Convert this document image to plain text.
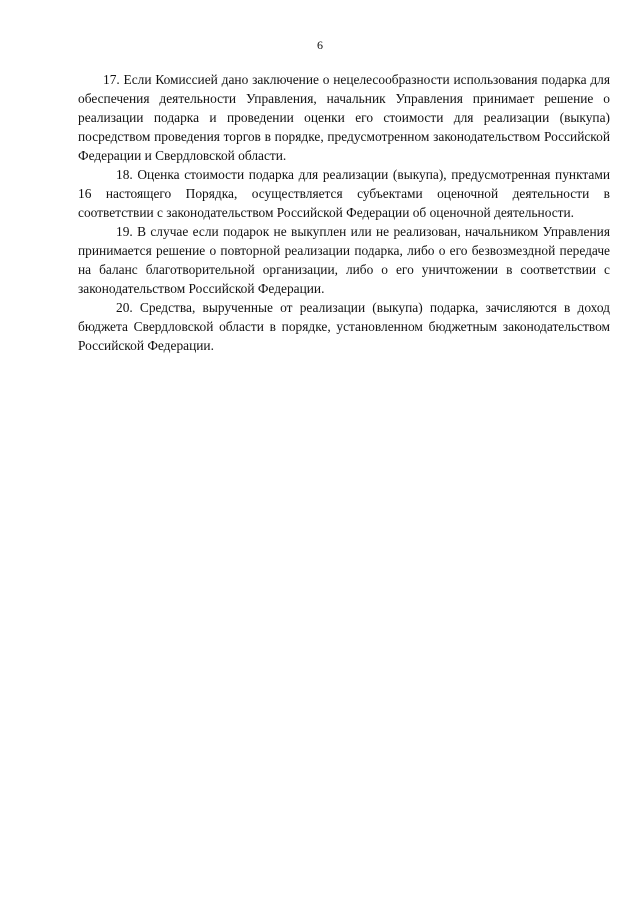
6

17. Если Комиссией дано заключение о нецелесообразности использования подарка для обеспечения деятельности Управления, начальник Управления принимает решение о реализации подарка и проведении оценки его стоимости для реализации (выкупа) посредством проведения торгов в порядке, предусмотренном законодательством Российской Федерации и Свердловской области.

18. Оценка стоимости подарка для реализации (выкупа), предусмотренная пунктами 16 настоящего Порядка, осуществляется субъектами оценочной деятельности в соответствии с законодательством Российской Федерации об оценочной деятельности.

19. В случае если подарок не выкуплен или не реализован, начальником Управления принимается решение о повторной реализации подарка, либо о его безвозмездной передаче на баланс благотворительной организации, либо о его уничтожении в соответствии с законодательством Российской Федерации.

20. Средства, вырученные от реализации (выкупа) подарка, зачисляются в доход бюджета Свердловской области в порядке, установленном бюджетным законодательством Российской Федерации.
